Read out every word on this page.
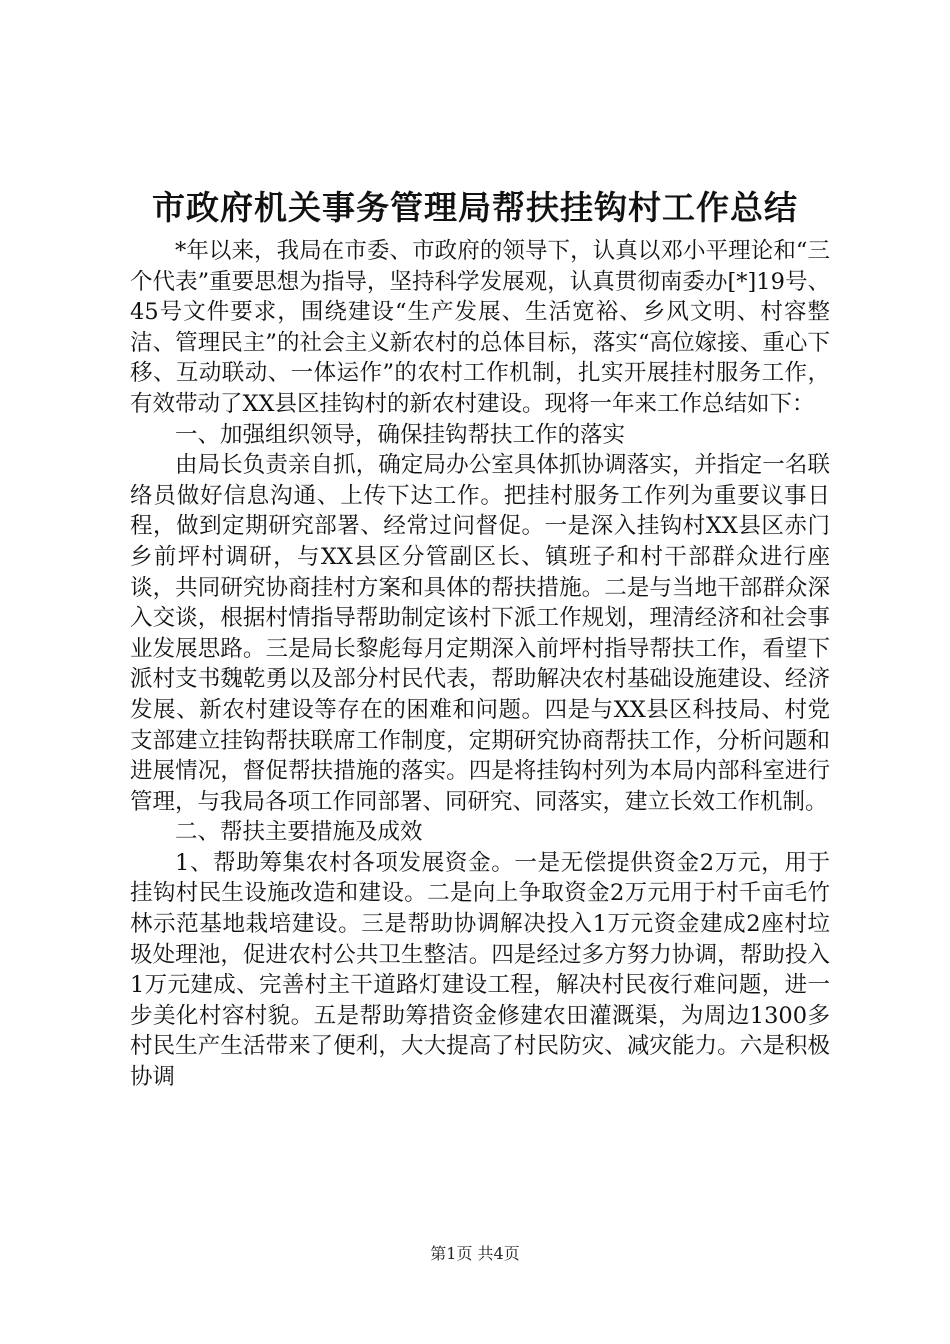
市政府机关事务管理局帮扶挂钩村工作总结

*年以来，我局在市委、市政府的领导下，认真以邓小平理论和“三个代表”重要思想为指导，坚持科学发展观，认真贯彻南委办[*]19号、45号文件要求，围绕建设“生产发展、生活宽裕、乡风文明、村容整洁、管理民主”的社会主义新农村的总体目标，落实“高位嫁接、重心下移、互动联动、一体运作”的农村工作机制，扎实开展挂村服务工作，有效带动了XX县区挂钩村的新农村建设。现将一年来工作总结如下：

一、加强组织领导，确保挂钩帮扶工作的落实

由局长负责亲自抓，确定局办公室具体抓协调落实，并指定一名联络员做好信息沟通、上传下达工作。把挂村服务工作列为重要议事日程，做到定期研究部署、经常过问督促。一是深入挂钩村XX县区赤门乡前坪村调研，与XX县区分管副区长、镇班子和村干部群众进行座谈，共同研究协商挂村方案和具体的帮扶措施。二是与当地干部群众深入交谈，根据村情指导帮助制定该村下派工作规划，理清经济和社会事业发展思路。三是局长黎彪每月定期深入前坪村指导帮扶工作，看望下派村支书魏乾勇以及部分村民代表，帮助解决农村基础设施建设、经济发展、新农村建设等存在的困难和问题。四是与XX县区科技局、村党支部建立挂钩帮扶联席工作制度，定期研究协商帮扶工作，分析问题和进展情况，督促帮扶措施的落实。四是将挂钩村列为本局内部科室进行管理，与我局各项工作同部署、同研究、同落实，建立长效工作机制。

二、帮扶主要措施及成效

1、帮助筹集农村各项发展资金。一是无偿提供资金2万元，用于挂钩村民生设施改造和建设。二是向上争取资金2万元用于村千亩毛竹林示范基地栽培建设。三是帮助协调解决投入1万元资金建成2座村垃圾处理池，促进农村公共卫生整洁。四是经过多方努力协调，帮助投入1万元建成、完善村主干道路灯建设工程，解决村民夜行难问题，进一步美化村容村貌。五是帮助筹措资金修建农田灌溉渠，为周边1300多村民生产生活带来了便利，大大提高了村民防灾、减灾能力。六是积极协调

第1页 共4页
